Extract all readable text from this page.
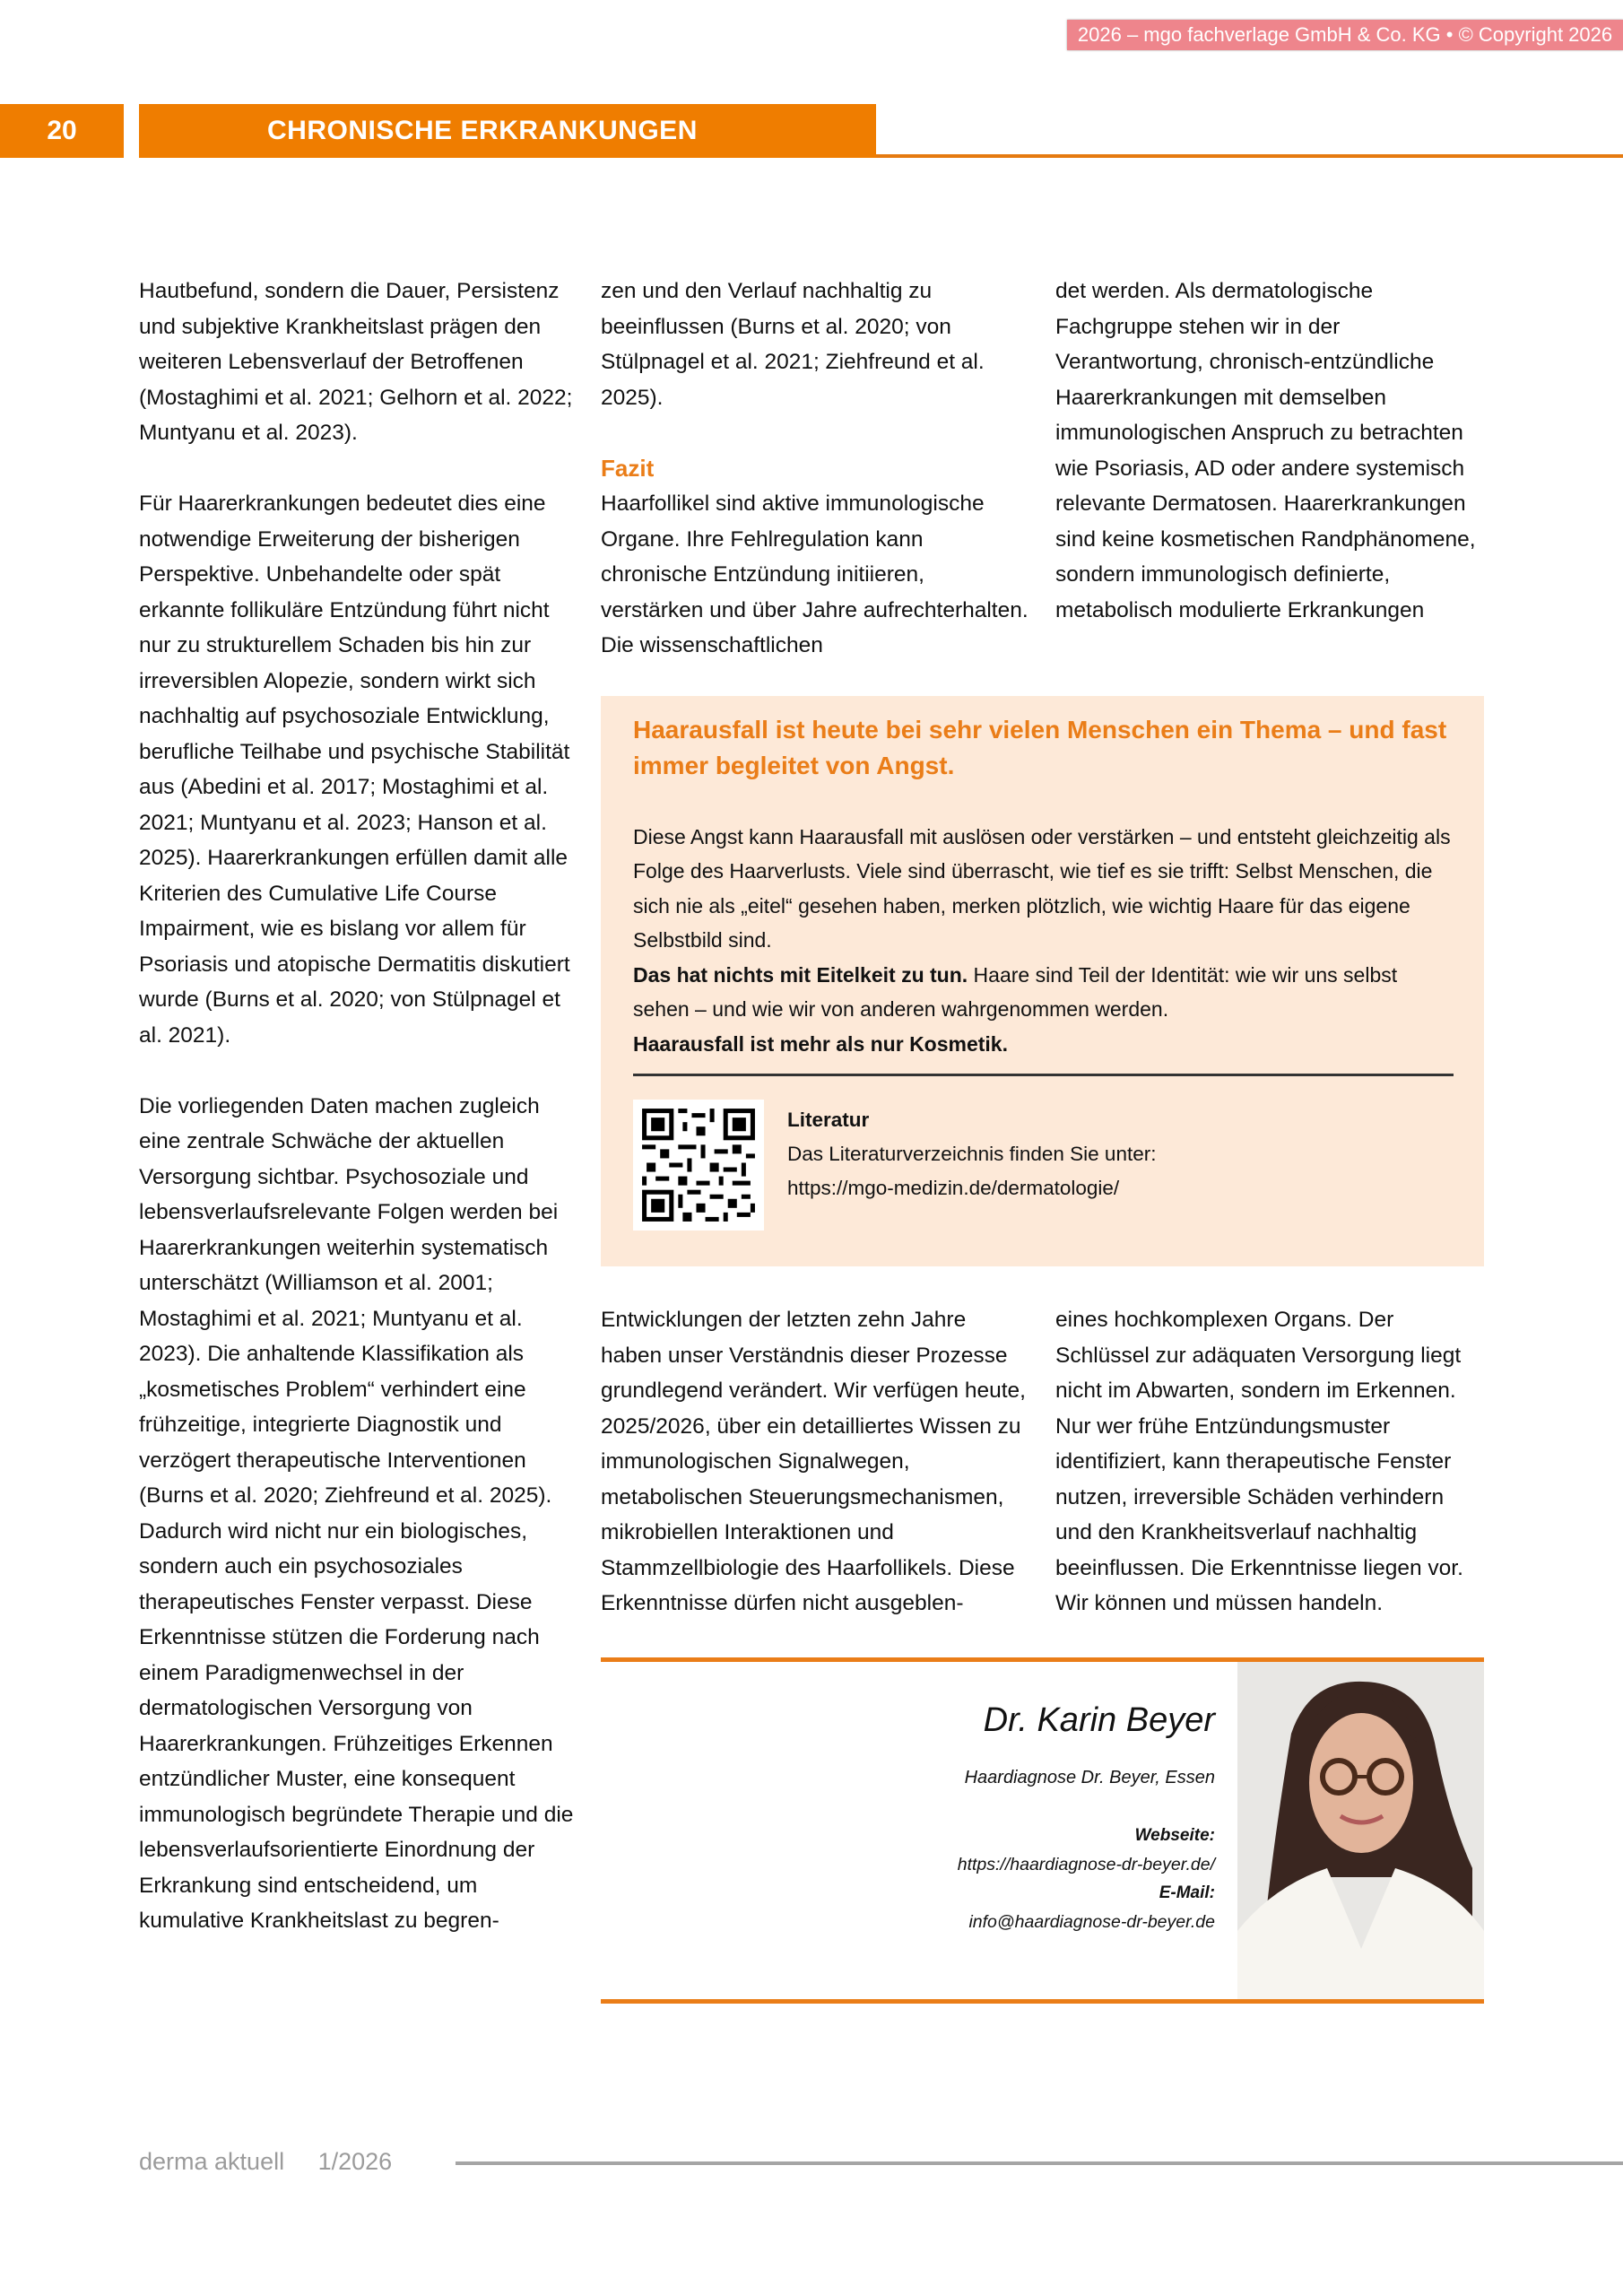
2026 – mgo fachverlage GmbH & Co. KG • © Copyright 2026
20	CHRONISCHE ERKRANKUNGEN

Hautbefund, sondern die Dauer, Persistenz und subjektive Krankheitslast prägen den weiteren Lebensverlauf der Betroffenen (Mostaghimi et al. 2021; Gelhorn et al. 2022; Muntyanu et al. 2023).

Für Haarerkrankungen bedeutet dies eine notwendige Erweiterung der bisherigen Perspektive. Unbehandelte oder spät erkannte follikuläre Entzündung führt nicht nur zu strukturellem Schaden bis hin zur irreversiblen Alopezie, sondern wirkt sich nachhaltig auf psychosoziale Entwicklung, berufliche Teilhabe und psychische Stabilität aus (Abedini et al. 2017; Mostaghimi et al. 2021; Muntyanu et al. 2023; Hanson et al. 2025). Haarerkrankungen erfüllen damit alle Kriterien des Cumulative Life Course Impairment, wie es bislang vor allem für Psoriasis und atopische Dermatitis diskutiert wurde (Burns et al. 2020; von Stülpnagel et al. 2021).

Die vorliegenden Daten machen zugleich eine zentrale Schwäche der aktuellen Versorgung sichtbar. Psychosoziale und lebensverlaufsrelevante Folgen werden bei Haarerkrankungen weiterhin systematisch unterschätzt (Williamson et al. 2001; Mostaghimi et al. 2021; Muntyanu et al. 2023). Die anhaltende Klassifikation als „kosmetisches Problem“ verhindert eine frühzeitige, integrierte Diagnostik und verzögert therapeutische Interventionen (Burns et al. 2020; Ziehfreund et al. 2025). Dadurch wird nicht nur ein biologisches, sondern auch ein psychosoziales therapeutisches Fenster verpasst. Diese Erkenntnisse stützen die Forderung nach einem Paradigmenwechsel in der dermatologischen Versorgung von Haarerkrankungen. Frühzeitiges Erkennen entzündlicher Muster, eine konsequent immunologisch begründete Therapie und die lebensverlaufsorientierte Einordnung der Erkrankung sind entscheidend, um kumulative Krankheitslast zu begren-

zen und den Verlauf nachhaltig zu beeinflussen (Burns et al. 2020; von Stülpnagel et al. 2021; Ziehfreund et al. 2025).

Fazit

Haarfollikel sind aktive immunologische Organe. Ihre Fehlregulation kann chronische Entzündung initiieren, verstärken und über Jahre aufrechterhalten. Die wissenschaftlichen

det werden. Als dermatologische Fachgruppe stehen wir in der Verantwortung, chronisch-entzündliche Haarerkrankungen mit demselben immunologischen Anspruch zu betrachten wie Psoriasis, AD oder andere systemisch relevante Dermatosen. Haarerkrankungen sind keine kosmetischen Randphänomene, sondern immunologisch definierte, metabolisch modulierte Erkrankungen

Haarausfall ist heute bei sehr vielen Menschen ein Thema – und fast immer begleitet von Angst.

Diese Angst kann Haarausfall mit auslösen oder verstärken – und entsteht gleichzeitig als Folge des Haarverlusts. Viele sind überrascht, wie tief es sie trifft: Selbst Menschen, die sich nie als „eitel“ gesehen haben, merken plötzlich, wie wichtig Haare für das eigene Selbstbild sind.

Das hat nichts mit Eitelkeit zu tun. Haare sind Teil der Identität: wie wir uns selbst sehen – und wie wir von anderen wahrgenommen werden.

Haarausfall ist mehr als nur Kosmetik.

Literatur
Das Literaturverzeichnis finden Sie unter:
https://mgo-medizin.de/dermatologie/

Entwicklungen der letzten zehn Jahre haben unser Verständnis dieser Prozesse grundlegend verändert. Wir verfügen heute, 2025/2026, über ein detailliertes Wissen zu immunologischen Signalwegen, metabolischen Steuerungsmechanismen, mikrobiellen Interaktionen und Stammzellbiologie des Haarfollikels. Diese Erkenntnisse dürfen nicht ausgeblen-

eines hochkomplexen Organs. Der Schlüssel zur adäquaten Versorgung liegt nicht im Abwarten, sondern im Erkennen. Nur wer frühe Entzündungsmuster identifiziert, kann therapeutische Fenster nutzen, irreversible Schäden verhindern und den Krankheitsverlauf nachhaltig beeinflussen. Die Erkenntnisse liegen vor. Wir können und müssen handeln.

Dr. Karin Beyer
Haardiagnose Dr. Beyer, Essen
Webseite:
https://haardiagnose-dr-beyer.de/
E-Mail:
info@haardiagnose-dr-beyer.de
derma aktuell 1/2026
